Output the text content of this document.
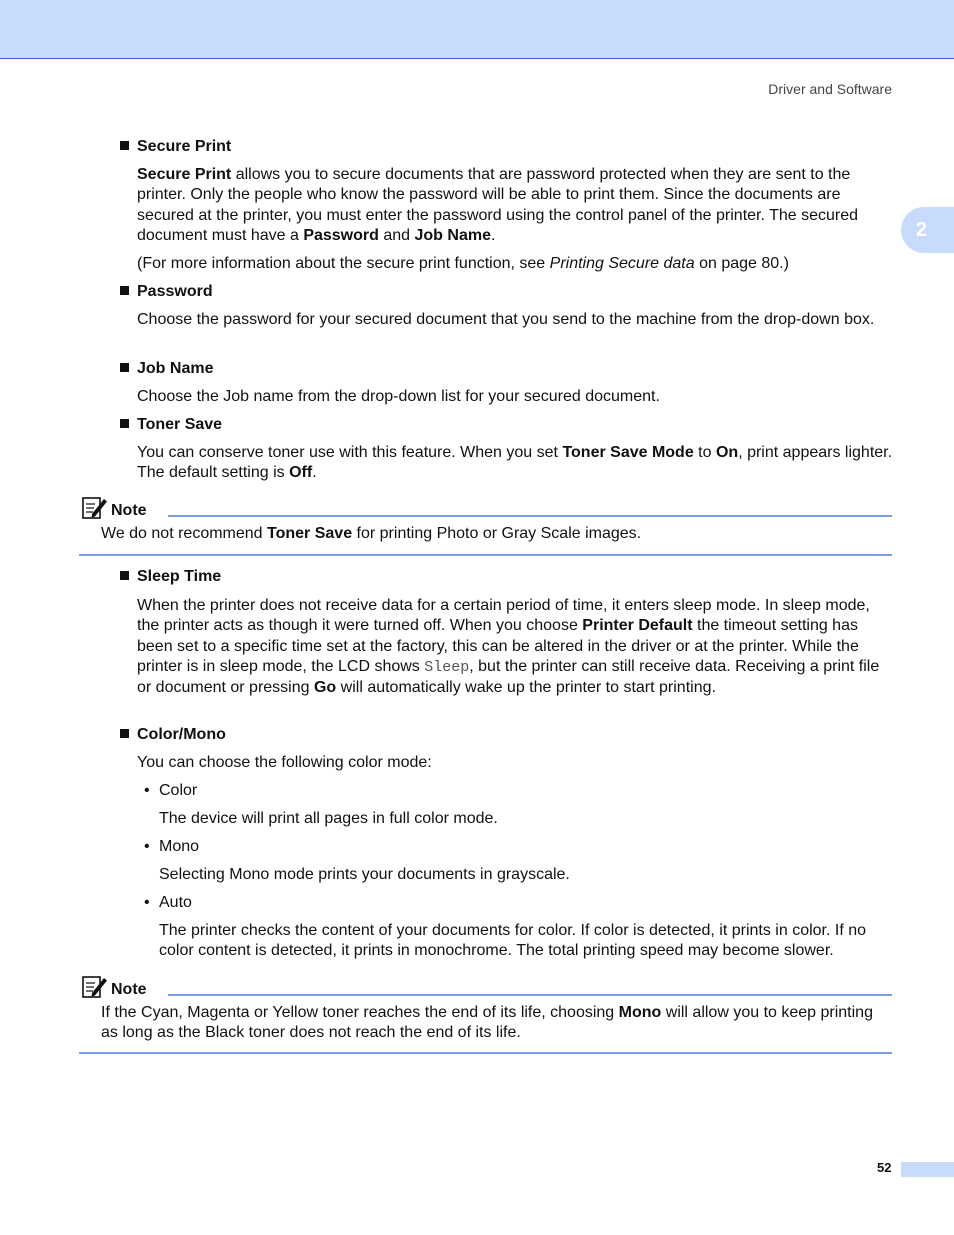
Driver and Software
2
Secure Print
Secure Print allows you to secure documents that are password protected when they are sent to the printer. Only the people who know the password will be able to print them. Since the documents are secured at the printer, you must enter the password using the control panel of the printer. The secured document must have a Password and Job Name.
(For more information about the secure print function, see Printing Secure data on page 80.)
Password
Choose the password for your secured document that you send to the machine from the drop-down box.
Job Name
Choose the Job name from the drop-down list for your secured document.
Toner Save
You can conserve toner use with this feature. When you set Toner Save Mode to On, print appears lighter. The default setting is Off.
Note
We do not recommend Toner Save for printing Photo or Gray Scale images.
Sleep Time
When the printer does not receive data for a certain period of time, it enters sleep mode. In sleep mode, the printer acts as though it were turned off. When you choose Printer Default the timeout setting has been set to a specific time set at the factory, this can be altered in the driver or at the printer. While the printer is in sleep mode, the LCD shows Sleep, but the printer can still receive data. Receiving a print file or document or pressing Go will automatically wake up the printer to start printing.
Color/Mono
You can choose the following color mode:
• Color
The device will print all pages in full color mode.
• Mono
Selecting Mono mode prints your documents in grayscale.
• Auto
The printer checks the content of your documents for color. If color is detected, it prints in color. If no color content is detected, it prints in monochrome. The total printing speed may become slower.
Note
If the Cyan, Magenta or Yellow toner reaches the end of its life, choosing Mono will allow you to keep printing as long as the Black toner does not reach the end of its life.
52
